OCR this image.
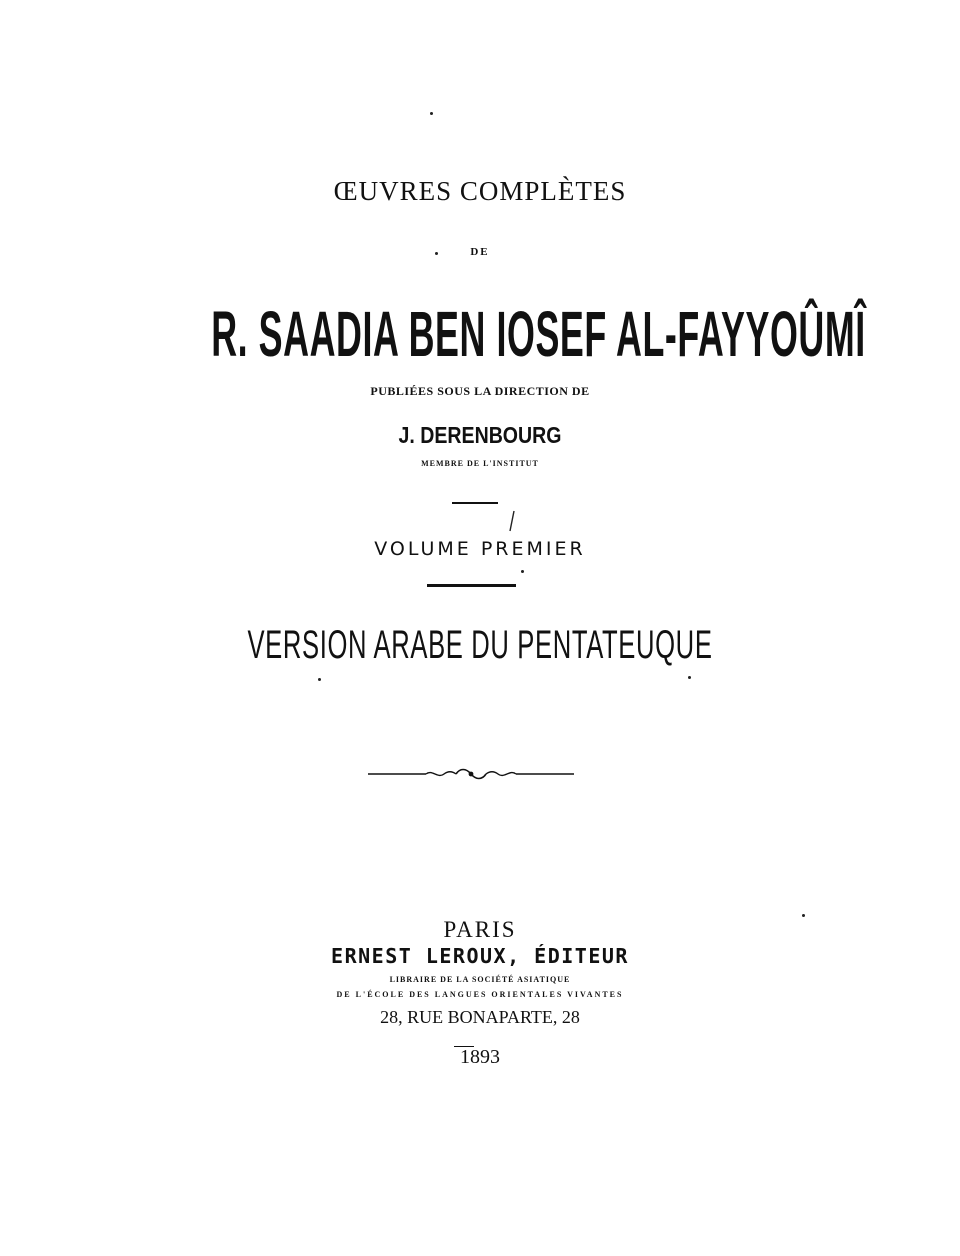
ŒUVRES COMPLÈTES
DE
R. SAADIA BEN IOSEF AL-FAYYOÛMÎ
PUBLIÉES SOUS LA DIRECTION DE
J. DERENBOURG
MEMBRE DE L'INSTITUT
VOLUME PREMIER
VERSION ARABE DU PENTATEUQUE
PARIS
ERNEST LEROUX, ÉDITEUR
LIBRAIRE DE LA SOCIÉTÉ ASIATIQUE
DE L'ÉCOLE DES LANGUES ORIENTALES VIVANTES
28, RUE BONAPARTE, 28
1893
